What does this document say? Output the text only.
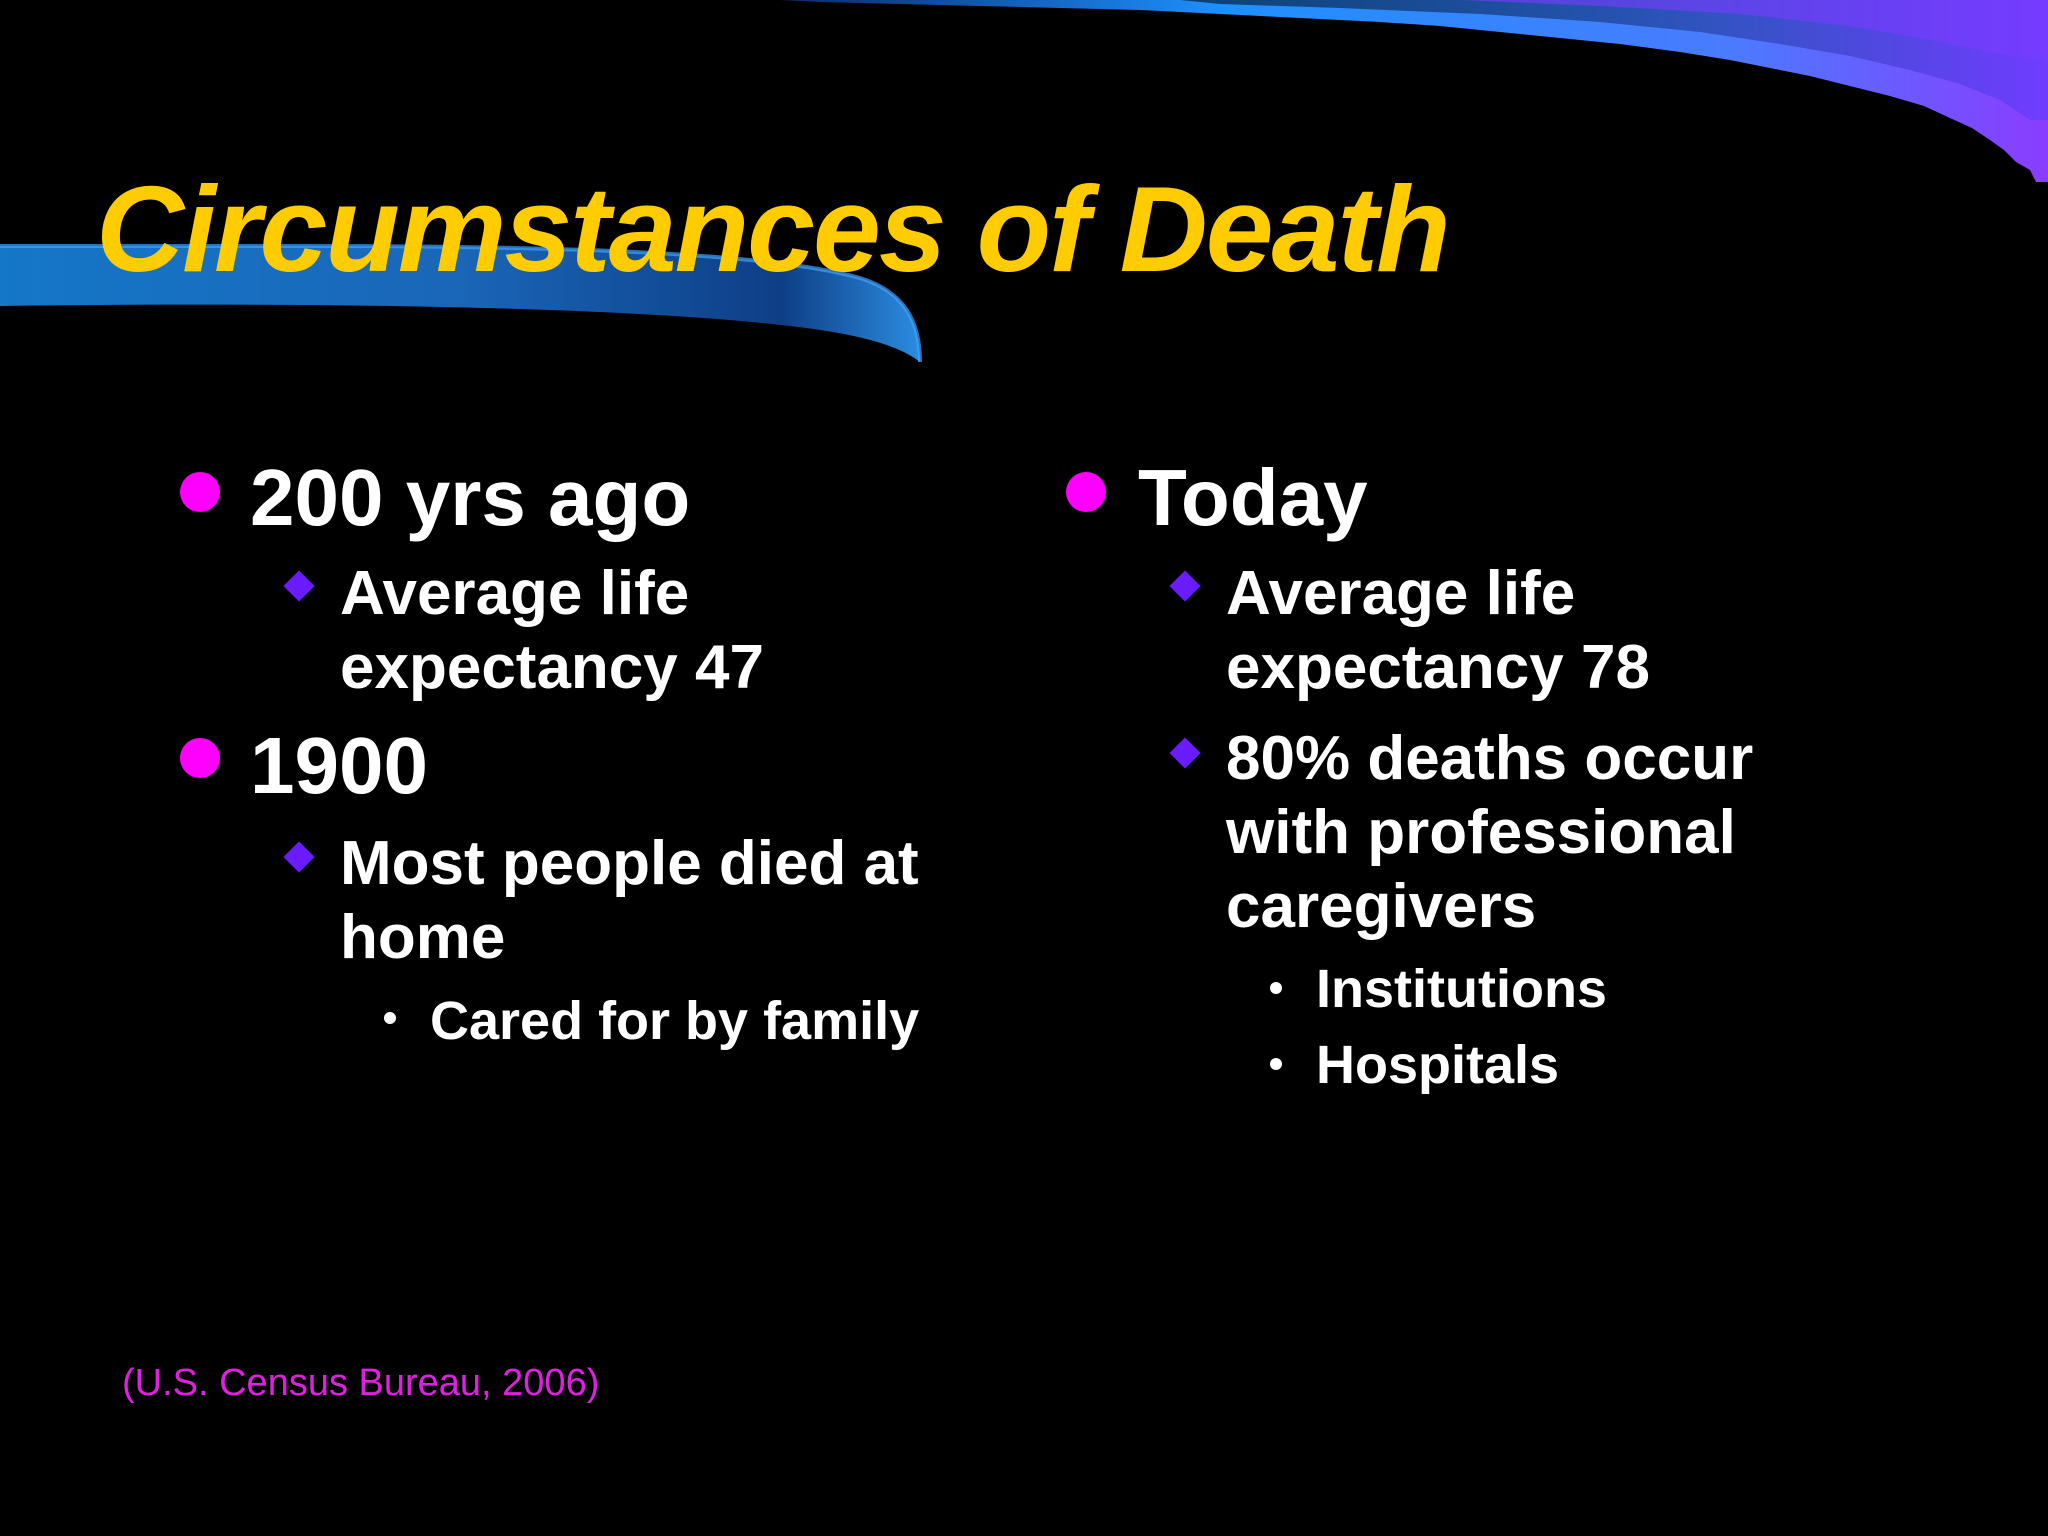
Circumstances of Death
200 yrs ago
Average life
expectancy 47
1900
Most people died at
home
Cared for by family
Today
Average life
expectancy 78
80% deaths occur
with professional
caregivers
Institutions
Hospitals
(U.S. Census Bureau, 2006)
